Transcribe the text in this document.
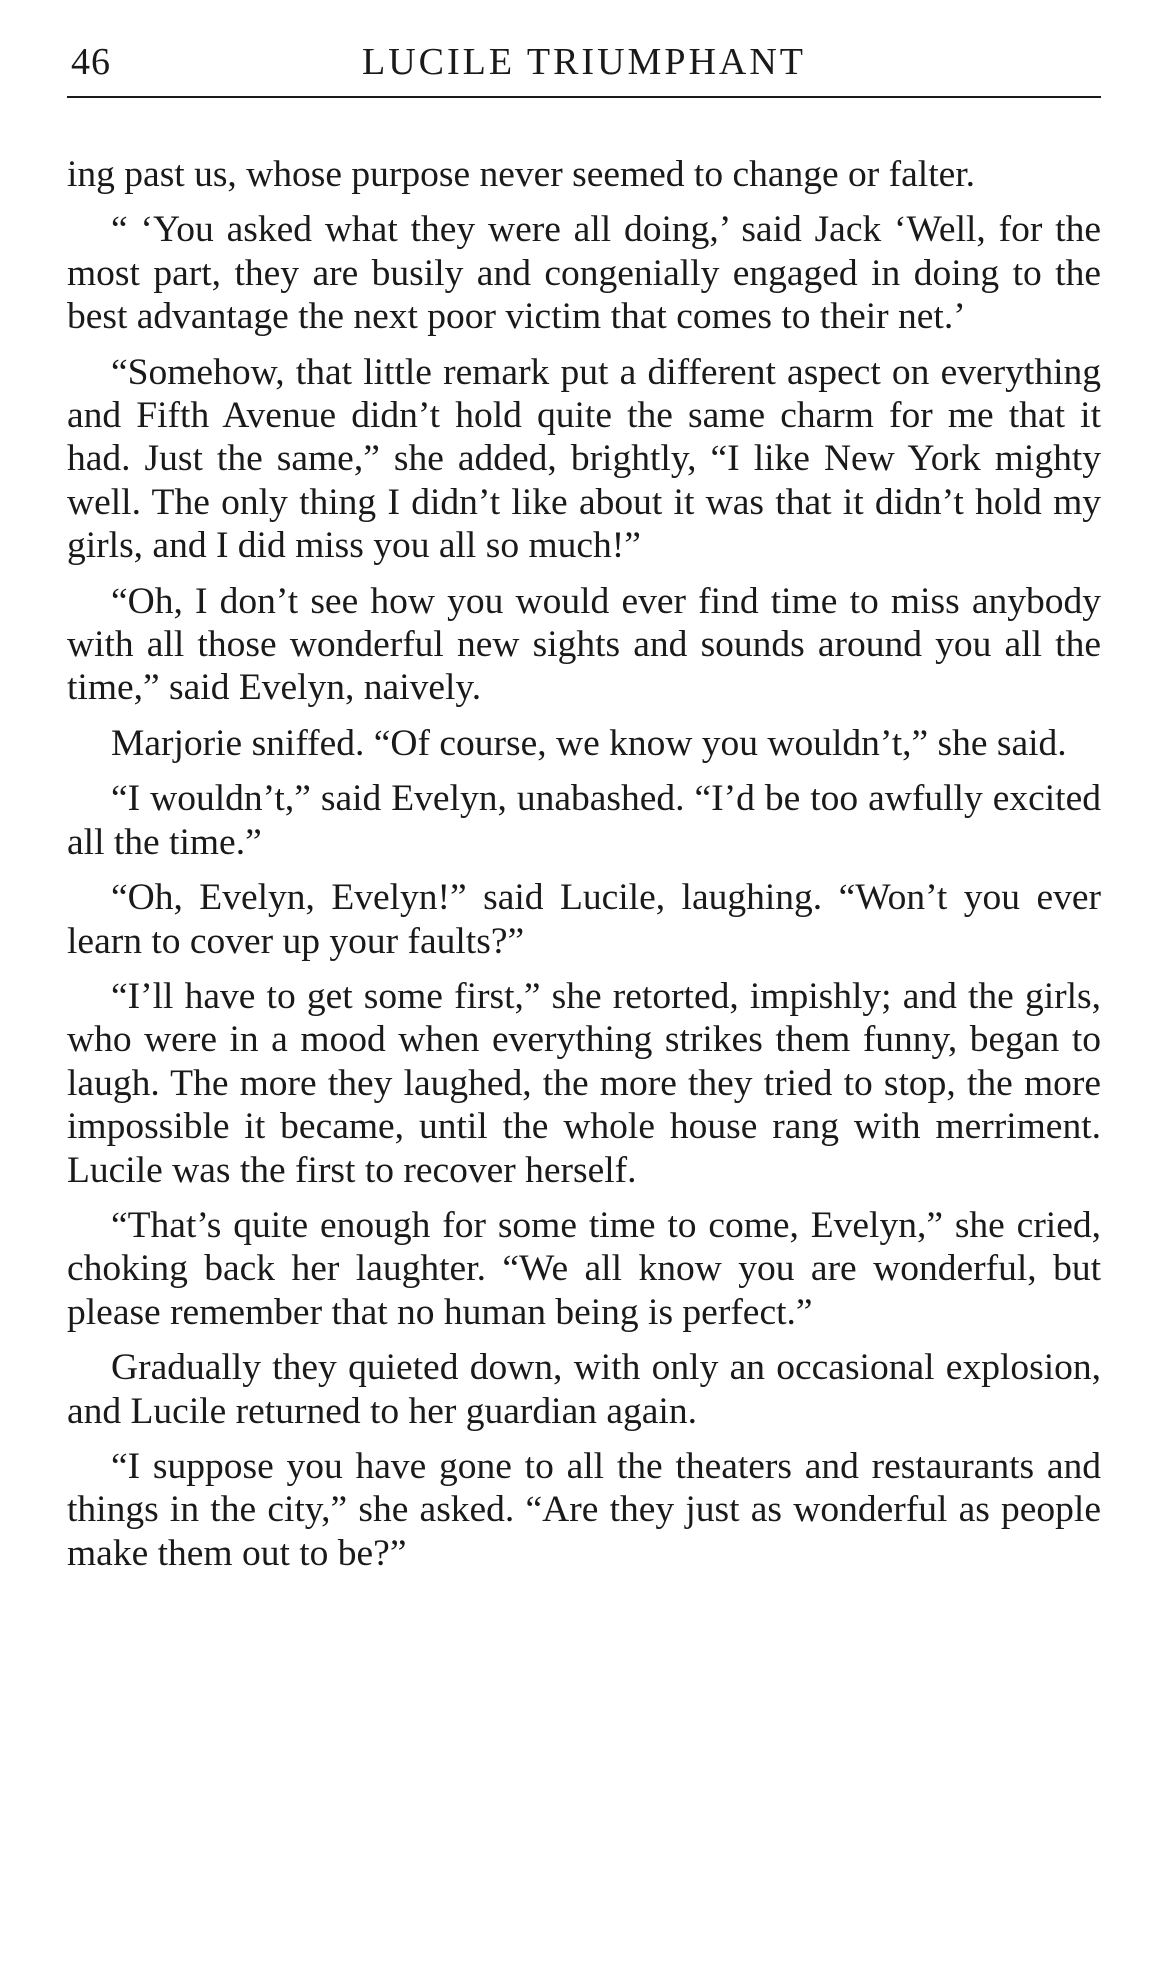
46	LUCILE TRIUMPHANT

ing past us, whose purpose never seemed to change or falter.

“ ‘You asked what they were all doing,’ said Jack ‘Well, for the most part, they are busily and congenially engaged in doing to the best advantage the next poor victim that comes to their net.’

“Somehow, that little remark put a different aspect on everything and Fifth Avenue didn’t hold quite the same charm for me that it had. Just the same,” she added, brightly, “I like New York mighty well. The only thing I didn’t like about it was that it didn’t hold my girls, and I did miss you all so much!”

“Oh, I don’t see how you would ever find time to miss anybody with all those wonderful new sights and sounds around you all the time,” said Evelyn, naively.

Marjorie sniffed. “Of course, we know you wouldn’t,” she said.

“I wouldn’t,” said Evelyn, unabashed. “I’d be too awfully excited all the time.”

“Oh, Evelyn, Evelyn!” said Lucile, laughing. “Won’t you ever learn to cover up your faults?”

“I’ll have to get some first,” she retorted, impishly; and the girls, who were in a mood when everything strikes them funny, began to laugh. The more they laughed, the more they tried to stop, the more impossible it became, until the whole house rang with merriment. Lucile was the first to recover herself.

“That’s quite enough for some time to come, Evelyn,” she cried, choking back her laughter. “We all know you are wonderful, but please remember that no human being is perfect.”

Gradually they quieted down, with only an occasional explosion, and Lucile returned to her guardian again.

“I suppose you have gone to all the theaters and restaurants and things in the city,” she asked. “Are they just as wonderful as people make them out to be?”
